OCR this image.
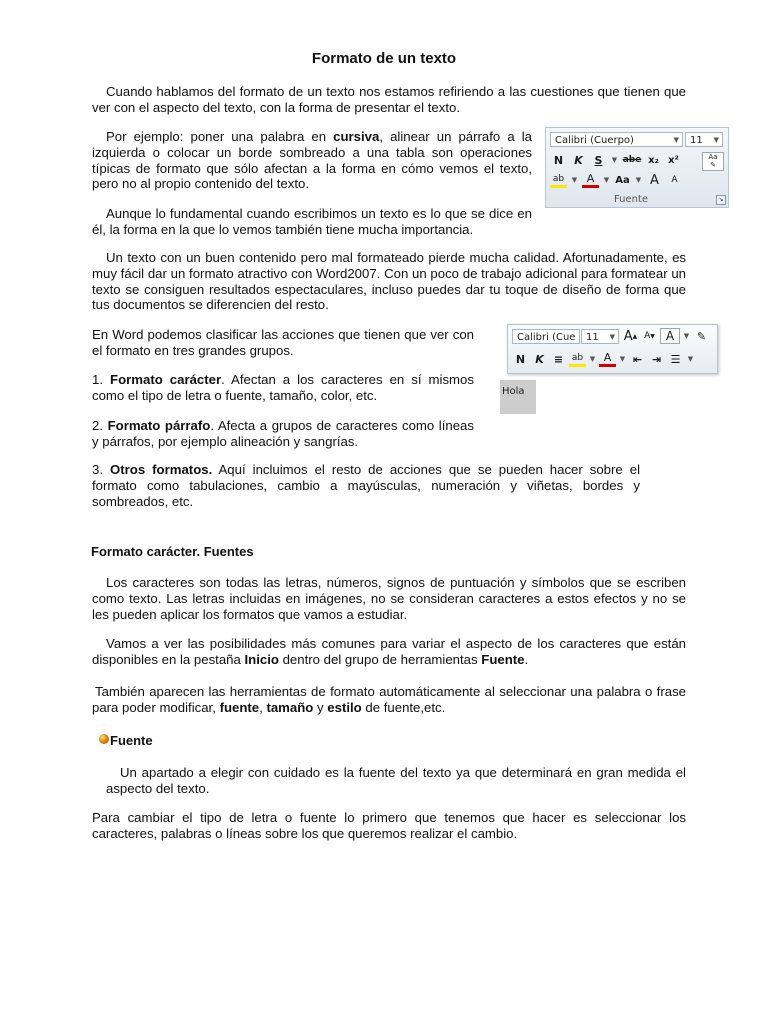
Formato de un texto

Cuando hablamos del formato de un texto nos estamos refiriendo a las cuestiones que tienen que ver con el aspecto del texto, con la forma de presentar el texto.

Por ejemplo: poner una palabra en cursiva, alinear un párrafo a la izquierda o colocar un borde sombreado a una tabla son operaciones típicas de formato que sólo afectan a la forma en cómo vemos el texto, pero no al propio contenido del texto.

Aunque lo fundamental cuando escribimos un texto es lo que se dice en él, la forma en la que lo vemos también tiene mucha importancia.

Un texto con un buen contenido pero mal formateado pierde mucha calidad. Afortunadamente, es muy fácil dar un formato atractivo con Word2007. Con un poco de trabajo adicional para formatear un texto se consiguen resultados espectaculares, incluso puedes dar tu toque de diseño de forma que tus documentos se diferencien del resto.

En Word podemos clasificar las acciones que tienen que ver con el formato en tres grandes grupos.

1. Formato carácter. Afectan a los caracteres en sí mismos como el tipo de letra o fuente, tamaño, color, etc.

2. Formato párrafo. Afecta a grupos de caracteres como líneas y párrafos, por ejemplo alineación y sangrías.

3. Otros formatos. Aquí incluimos el resto de acciones que se pueden hacer sobre el formato como tabulaciones, cambio a mayúsculas, numeración y viñetas, bordes y sombreados, etc.

Formato carácter. Fuentes

Los caracteres son todas las letras, números, signos de puntuación y símbolos que se escriben como texto. Las letras incluidas en imágenes, no se consideran caracteres a estos efectos y no se les pueden aplicar los formatos que vamos a estudiar.

Vamos a ver las posibilidades más comunes para variar el aspecto de los caracteres que están disponibles en la pestaña Inicio dentro del grupo de herramientas Fuente.

También aparecen las herramientas de formato automáticamente al seleccionar una palabra o frase para poder modificar, fuente, tamaño y estilo de fuente,etc.

Fuente

Un apartado a elegir con cuidado es la fuente del texto ya que determinará en gran medida el aspecto del texto.

Para cambiar el tipo de letra o fuente lo primero que tenemos que hacer es seleccionar los caracteres, palabras o líneas sobre los que queremos realizar el cambio.

Calibri (Cuerpo)	▼	11 ▼
N	K	S	▼ abe x₂ x²	Aa
✎
ab	▼ A	▼ Aa ▼ A	A
Fuente	↘
Calibri (Cue	11 ▼ A ▲ A ▼ A	▼ ✎
N K ≡ ab ▼ A	▼ ⇤ ⇥ ☰	▼
Hola
